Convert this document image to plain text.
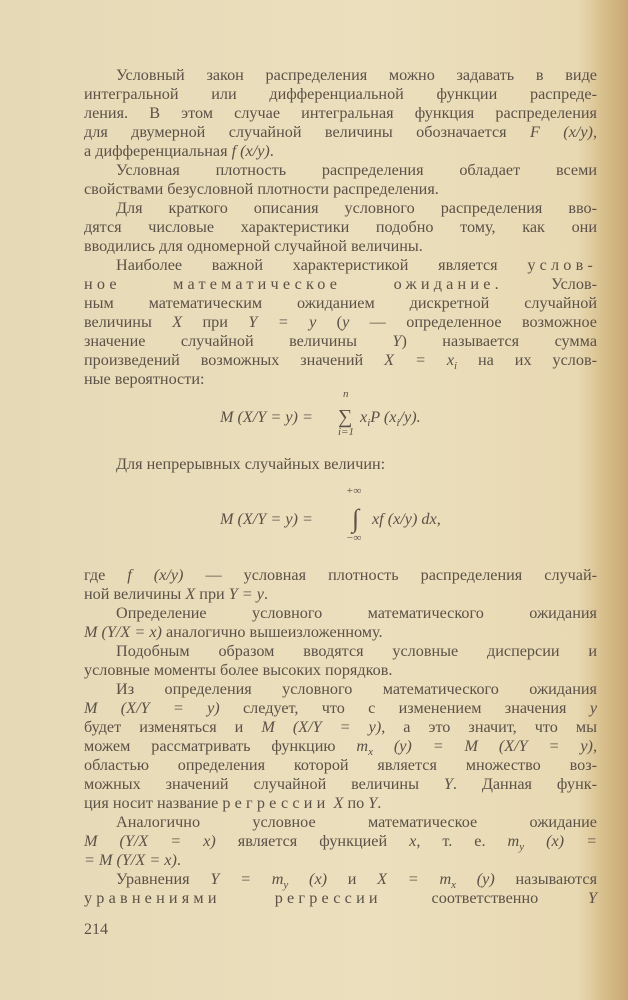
Условный закон распределения можно задавать в виде
интегральной или дифференциальной функции распреде-
ления. В этом случае интегральная функция распределения
для двумерной случайной величины обозначается F (x/y),
а дифференциальная f (x/y).
Условная плотность распределения обладает всеми
свойствами безусловной плотности распределения.
Для краткого описания условного распределения вво-
дятся числовые характеристики подобно тому, как они
вводились для одномерной случайной величины.
Наиболее важной характеристикой является услов-
ное математическое ожидание. Услов-
ным математическим ожиданием дискретной случайной
величины X при Y = y (y — определенное возможное
значение случайной величины Y) называется сумма
произведений возможных значений $X = x_i$ на их услов-
ные вероятности:
M (X/Y = y) = ∑
n
i=1
$x_iP$ $(x_i/y)$.
Для непрерывных случайных величин:
M (X/Y = y) = ∫
+∞
−∞
xf (x/y) dx,
где f (x/y) — условная плотность распределения случай-
ной величины X при Y = y.
Определение условного математического ожидания
M (Y/X = x) аналогично вышеизложенному.
Подобным образом вводятся условные дисперсии и
условные моменты более высоких порядков.
Из определения условного математического ожидания
M (X/Y = y) следует, что с изменением значения y
будет изменяться и M (X/Y = y), а это значит, что мы
можем рассматривать функцию $m_x$ (y) = M (X/Y = y),
областью определения которой является множество воз-
можных значений случайной величины Y. Данная функ-
ция носит название регрессии X по Y.
Аналогично условное математическое ожидание
M (Y/X = x) является функцией x, т. е. $m_y$ (x) =
= M (Y/X = x).
Уравнения $Y = m_y$ (x) и $X = m_x$ (y) называются
уравнениями регрессии соответственно Y
214
